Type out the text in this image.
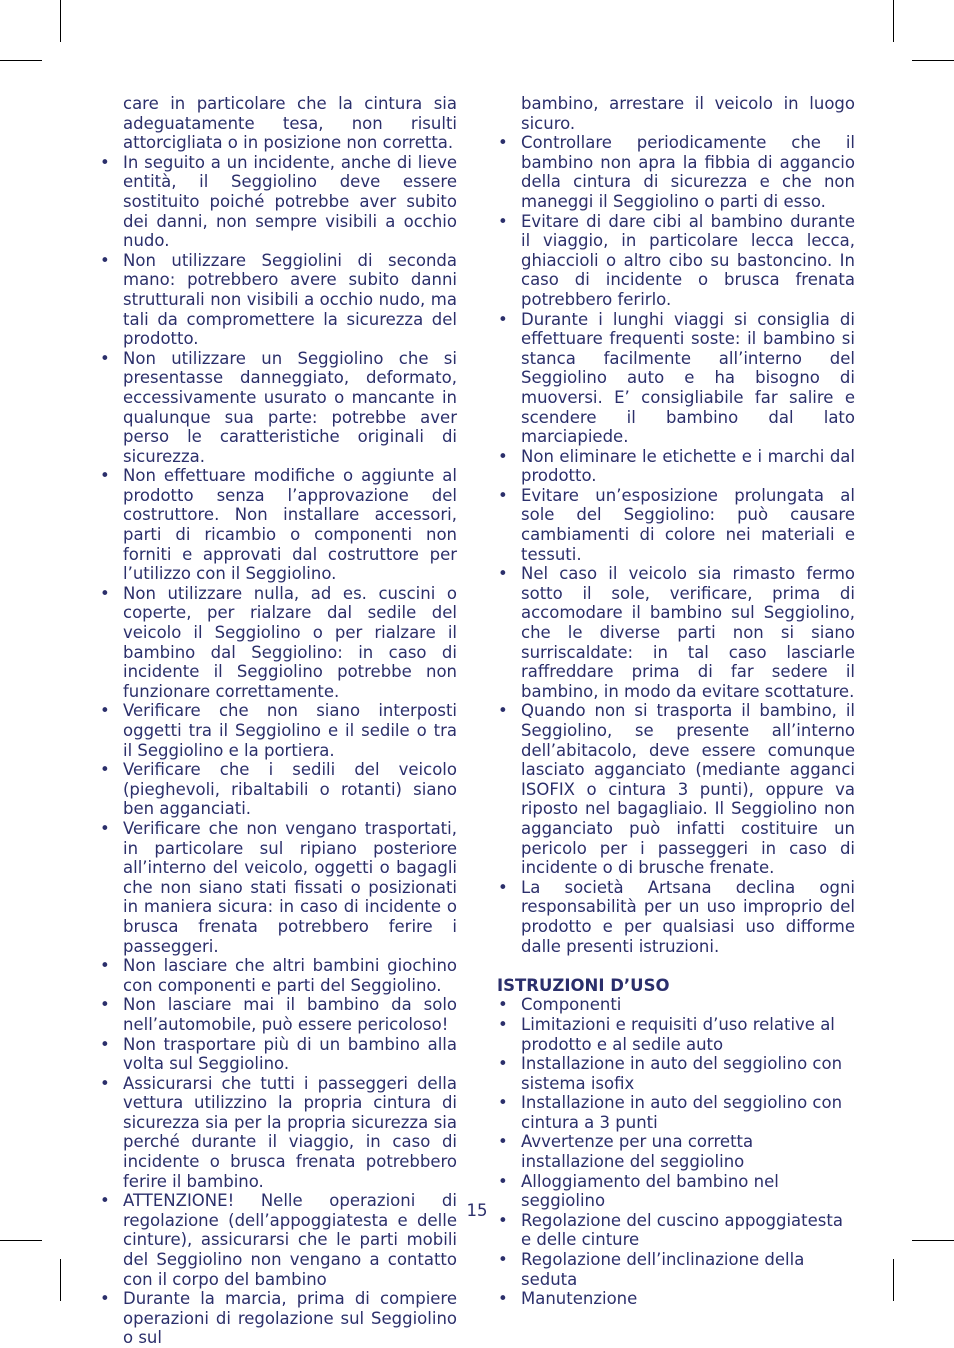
care in particolare che la cintura sia adeguatamente tesa, non risulti attorcigliata o in posizione non corretta.

• In seguito a un incidente, anche di lieve entità, il Seggiolino deve essere sostituito poiché potrebbe aver subito dei danni, non sempre visibili a occhio nudo.
• Non utilizzare Seggiolini di seconda mano: potrebbero avere subito danni strutturali non visibili a occhio nudo, ma tali da compromettere la sicurezza del prodotto.
• Non utilizzare un Seggiolino che si presentasse danneggiato, deformato, eccessivamente usurato o mancante in qualunque sua parte: potrebbe aver perso le caratteristiche originali di sicurezza.
• Non effettuare modifiche o aggiunte al prodotto senza l’approvazione del costruttore. Non installare accessori, parti di ricambio o componenti non forniti e approvati dal costruttore per l’utilizzo con il Seggiolino.
• Non utilizzare nulla, ad es. cuscini o coperte, per rialzare dal sedile del veicolo il Seggiolino o per rialzare il bambino dal Seggiolino: in caso di incidente il Seggiolino potrebbe non funzionare correttamente.
• Verificare che non siano interposti oggetti tra il Seggiolino e il sedile o tra il Seggiolino e la portiera.
• Verificare che i sedili del veicolo (pieghevoli, ribaltabili o rotanti) siano ben agganciati.
• Verificare che non vengano trasportati, in particolare sul ripiano posteriore all’interno del veicolo, oggetti o bagagli che non siano stati fissati o posizionati in maniera sicura: in caso di incidente o brusca frenata potrebbero ferire i passeggeri.
• Non lasciare che altri bambini giochino con componenti e parti del Seggiolino.
• Non lasciare mai il bambino da solo nell’automobile, può essere pericoloso!
• Non trasportare più di un bambino alla volta sul Seggiolino.
• Assicurarsi che tutti i passeggeri della vettura utilizzino la propria cintura di sicurezza sia per la propria sicurezza sia perché durante il viaggio, in caso di incidente o brusca frenata potrebbero ferire il bambino.
• ATTENZIONE! Nelle operazioni di regolazione (dell’appoggiatesta e delle cinture), assicurarsi che le parti mobili del Seggiolino non vengano a contatto con il corpo del bambino
• Durante la marcia, prima di compiere operazioni di regolazione sul Seggiolino o sul

bambino, arrestare il veicolo in luogo sicuro.

• Controllare periodicamente che il bambino non apra la fibbia di aggancio della cintura di sicurezza e che non maneggi il Seggiolino o parti di esso.
• Evitare di dare cibi al bambino durante il viaggio, in particolare lecca lecca, ghiaccioli o altro cibo su bastoncino. In caso di incidente o brusca frenata potrebbero ferirlo.
• Durante i lunghi viaggi si consiglia di effettuare frequenti soste: il bambino si stanca facilmente all’interno del Seggiolino auto e ha bisogno di muoversi. E’ consigliabile far salire e scendere il bambino dal lato marciapiede.
• Non eliminare le etichette e i marchi dal prodotto.
• Evitare un’esposizione prolungata al sole del Seggiolino: può causare cambiamenti di colore nei materiali e tessuti.
• Nel caso il veicolo sia rimasto fermo sotto il sole, verificare, prima di accomodare il bambino sul Seggiolino, che le diverse parti non si siano surriscaldate: in tal caso lasciarle raffreddare prima di far sedere il bambino, in modo da evitare scottature.
• Quando non si trasporta il bambino, il Seggiolino, se presente all’interno dell’abitacolo, deve essere comunque lasciato agganciato (mediante agganci ISOFIX o cintura 3 punti), oppure va riposto nel bagagliaio. Il Seggiolino non agganciato può infatti costituire un pericolo per i passeggeri in caso di incidente o di brusche frenate.
• La società Artsana declina ogni responsabilità per un uso improprio del prodotto e per qualsiasi uso difforme dalle presenti istruzioni.

ISTRUZIONI D’USO

• Componenti
• Limitazioni e requisiti d’uso relative al prodotto e al sedile auto
• Installazione in auto del seggiolino con sistema isofix
• Installazione in auto del seggiolino con cintura a 3 punti
• Avvertenze per una corretta installazione del seggiolino
• Alloggiamento del bambino nel seggiolino
• Regolazione del cuscino appoggiatesta e delle cinture
• Regolazione dell’inclinazione della seduta
• Manutenzione
15
